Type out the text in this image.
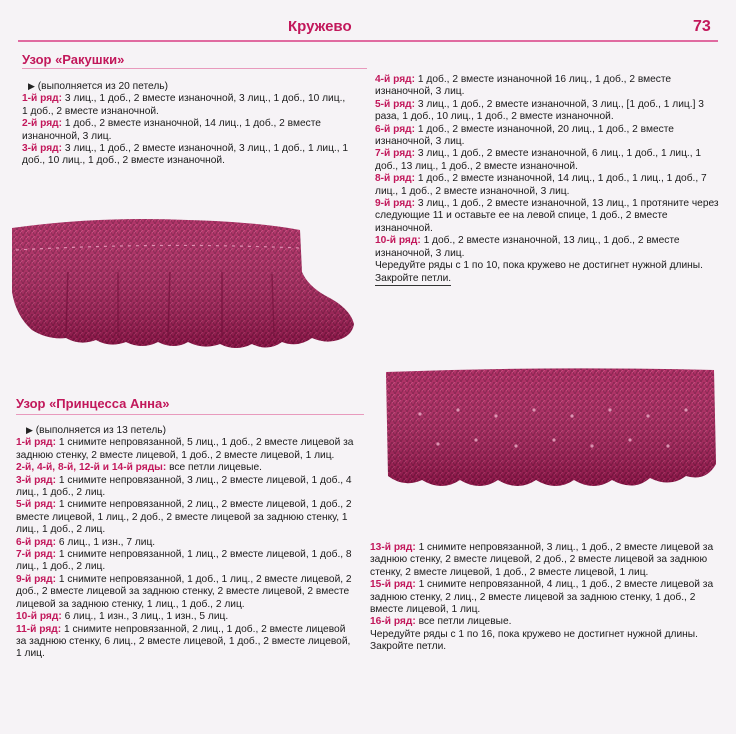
Кружево	73
Узор «Ракушки»

▶ (выполняется из 20 петель)

1-й ряд: 3 лиц., 1 доб., 2 вместе изнаночной, 3 лиц., 1 доб., 10 лиц., 1 доб., 2 вместе изнаночной.

2-й ряд: 1 доб., 2 вместе изнаночной, 14 лиц., 1 доб., 2 вместе изнаночной, 3 лиц.

3-й ряд: 3 лиц., 1 доб., 2 вместе изнаночной, 3 лиц., 1 доб., 1 лиц., 1 доб., 10 лиц., 1 доб., 2 вместе изнаночной.

4-й ряд: 1 доб., 2 вместе изнаночной 16 лиц., 1 доб., 2 вместе изнаночной, 3 лиц.

5-й ряд: 3 лиц., 1 доб., 2 вместе изнаночной, 3 лиц., [1 доб., 1 лиц.] 3 раза, 1 доб., 10 лиц., 1 доб., 2 вместе изнаночной.

6-й ряд: 1 доб., 2 вместе изнаночной, 20 лиц., 1 доб., 2 вместе изнаночной, 3 лиц.

7-й ряд: 3 лиц., 1 доб., 2 вместе изнаночной, 6 лиц., 1 доб., 1 лиц., 1 доб., 13 лиц., 1 доб., 2 вместе изнаночной.

8-й ряд: 1 доб., 2 вместе изнаночной, 14 лиц., 1 доб., 1 лиц., 1 доб., 7 лиц., 1 доб., 2 вместе изнаночной, 3 лиц.

9-й ряд: 3 лиц., 1 доб., 2 вместе изнаночной, 13 лиц., 1 протяните через следующие 11 и оставьте ее на левой спице, 1 доб., 2 вместе изнаночной.

10-й ряд: 1 доб., 2 вместе изнаночной, 13 лиц., 1 доб., 2 вместе изнаночной, 3 лиц.

Чередуйте ряды с 1 по 10, пока кружево не достигнет нужной длины.

Закройте петли.

Узор «Принцесса Анна»

▶ (выполняется из 13 петель)

1-й ряд: 1 снимите непровязанной, 5 лиц., 1 доб., 2 вместе лицевой за заднюю стенку, 2 вместе лицевой, 1 доб., 2 вместе лицевой, 1 лиц.

2-й, 4-й, 8-й, 12-й и 14-й ряды: все петли лицевые.

3-й ряд: 1 снимите непровязанной, 3 лиц., 2 вместе лицевой, 1 доб., 4 лиц., 1 доб., 2 лиц.

5-й ряд: 1 снимите непровязанной, 2 лиц., 2 вместе лицевой, 1 доб., 2 вместе лицевой, 1 лиц., 2 доб., 2 вместе лицевой за заднюю стенку, 1 лиц., 1 доб., 2 лиц.

6-й ряд: 6 лиц., 1 изн., 7 лиц.

7-й ряд: 1 снимите непровязанной, 1 лиц., 2 вместе лицевой, 1 доб., 8 лиц., 1 доб., 2 лиц.

9-й ряд: 1 снимите непровязанной, 1 доб., 1 лиц., 2 вместе лицевой, 2 доб., 2 вместе лицевой за заднюю стенку, 2 вместе лицевой, 2 вместе лицевой за заднюю стенку, 1 лиц., 1 доб., 2 лиц.

10-й ряд: 6 лиц., 1 изн., 3 лиц., 1 изн., 5 лиц.

11-й ряд: 1 снимите непровязанной, 2 лиц., 1 доб., 2 вместе лицевой за заднюю стенку, 6 лиц., 2 вместе лицевой, 1 доб., 2 вместе лицевой, 1 лиц.

13-й ряд: 1 снимите непровязанной, 3 лиц., 1 доб., 2 вместе лицевой за заднюю стенку, 2 вместе лицевой, 2 доб., 2 вместе лицевой за заднюю стенку, 2 вместе лицевой, 1 доб., 2 вместе лицевой, 1 лиц.

15-й ряд: 1 снимите непровязанной, 4 лиц., 1 доб., 2 вместе лицевой за заднюю стенку, 2 лиц., 2 вместе лицевой за заднюю стенку, 1 доб., 2 вместе лицевой, 1 лиц.

16-й ряд: все петли лицевые.

Чередуйте ряды с 1 по 16, пока кружево не достигнет нужной длины.

Закройте петли.
